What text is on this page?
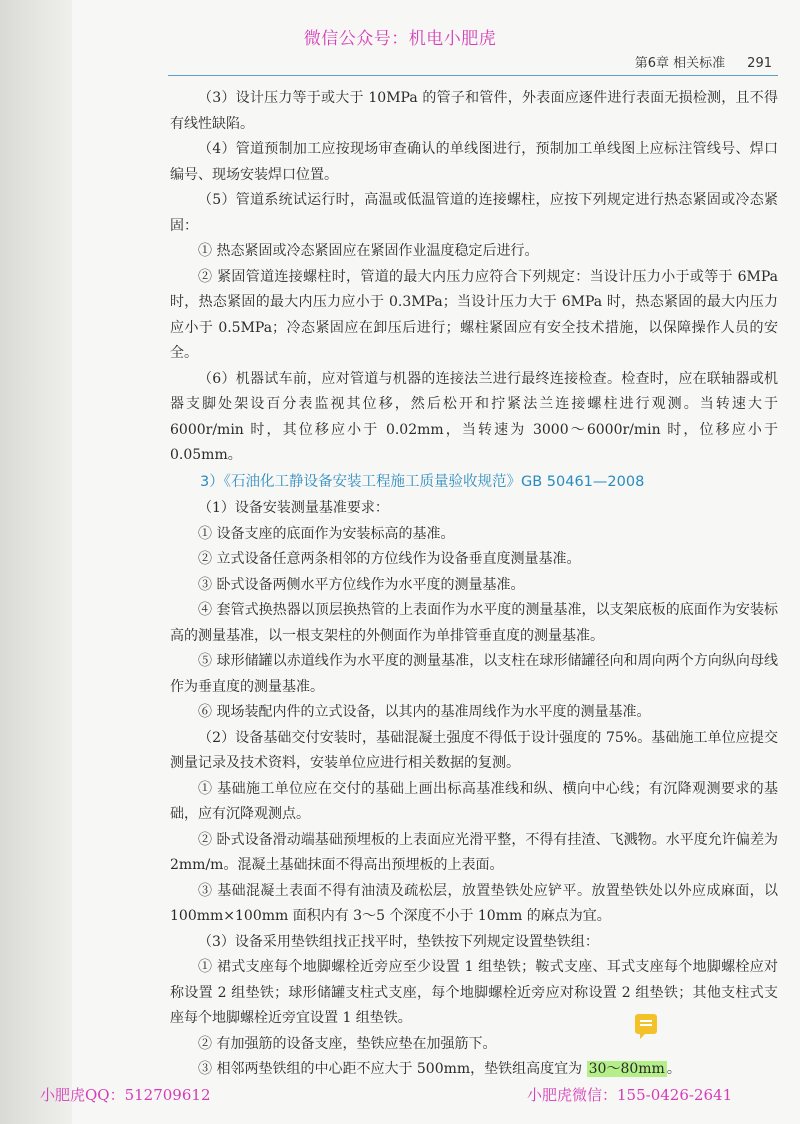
微信公众号：机电小肥虎
第6章 相关标准 291

（3）设计压力等于或大于 10MPa 的管子和管件，外表面应逐件进行表面无损检测，且不得有线性缺陷。

（4）管道预制加工应按现场审查确认的单线图进行，预制加工单线图上应标注管线号、焊口编号、现场安装焊口位置。

（5）管道系统试运行时，高温或低温管道的连接螺柱，应按下列规定进行热态紧固或冷态紧固：

① 热态紧固或冷态紧固应在紧固作业温度稳定后进行。

② 紧固管道连接螺柱时，管道的最大内压力应符合下列规定：当设计压力小于或等于 6MPa 时，热态紧固的最大内压力应小于 0.3MPa；当设计压力大于 6MPa 时，热态紧固的最大内压力应小于 0.5MPa；冷态紧固应在卸压后进行；螺柱紧固应有安全技术措施，以保障操作人员的安全。

（6）机器试车前，应对管道与机器的连接法兰进行最终连接检查。检查时，应在联轴器或机器支脚处架设百分表监视其位移，然后松开和拧紧法兰连接螺柱进行观测。当转速大于 6000r/min 时，其位移应小于 0.02mm，当转速为 3000～6000r/min 时，位移应小于 0.05mm。

3）《石油化工静设备安装工程施工质量验收规范》GB 50461—2008

（1）设备安装测量基准要求：

① 设备支座的底面作为安装标高的基准。

② 立式设备任意两条相邻的方位线作为设备垂直度测量基准。

③ 卧式设备两侧水平方位线作为水平度的测量基准。

④ 套管式换热器以顶层换热管的上表面作为水平度的测量基准，以支架底板的底面作为安装标高的测量基准，以一根支架柱的外侧面作为单排管垂直度的测量基准。

⑤ 球形储罐以赤道线作为水平度的测量基准，以支柱在球形储罐径向和周向两个方向纵向母线作为垂直度的测量基准。

⑥ 现场装配内件的立式设备，以其内的基准周线作为水平度的测量基准。

（2）设备基础交付安装时，基础混凝土强度不得低于设计强度的 75%。基础施工单位应提交测量记录及技术资料，安装单位应进行相关数据的复测。

① 基础施工单位应在交付的基础上画出标高基准线和纵、横向中心线；有沉降观测要求的基础，应有沉降观测点。

② 卧式设备滑动端基础预埋板的上表面应光滑平整，不得有挂渣、飞溅物。水平度允许偏差为 2mm/m。混凝土基础抹面不得高出预埋板的上表面。

③ 基础混凝土表面不得有油渍及疏松层，放置垫铁处应铲平。放置垫铁处以外应成麻面，以 100mm×100mm 面积内有 3～5 个深度不小于 10mm 的麻点为宜。

（3）设备采用垫铁组找正找平时，垫铁按下列规定设置垫铁组：

① 裙式支座每个地脚螺栓近旁应至少设置 1 组垫铁；鞍式支座、耳式支座每个地脚螺栓应对称设置 2 组垫铁；球形储罐支柱式支座，每个地脚螺栓近旁应对称设置 2 组垫铁；其他支柱式支座每个地脚螺栓近旁宜设置 1 组垫铁。

② 有加强筋的设备支座，垫铁应垫在加强筋下。

③ 相邻两垫铁组的中心距不应大于 500mm，垫铁组高度宜为 30～80mm 。

小肥虎QQ：512709612	小肥虎微信：155-0426-2641
